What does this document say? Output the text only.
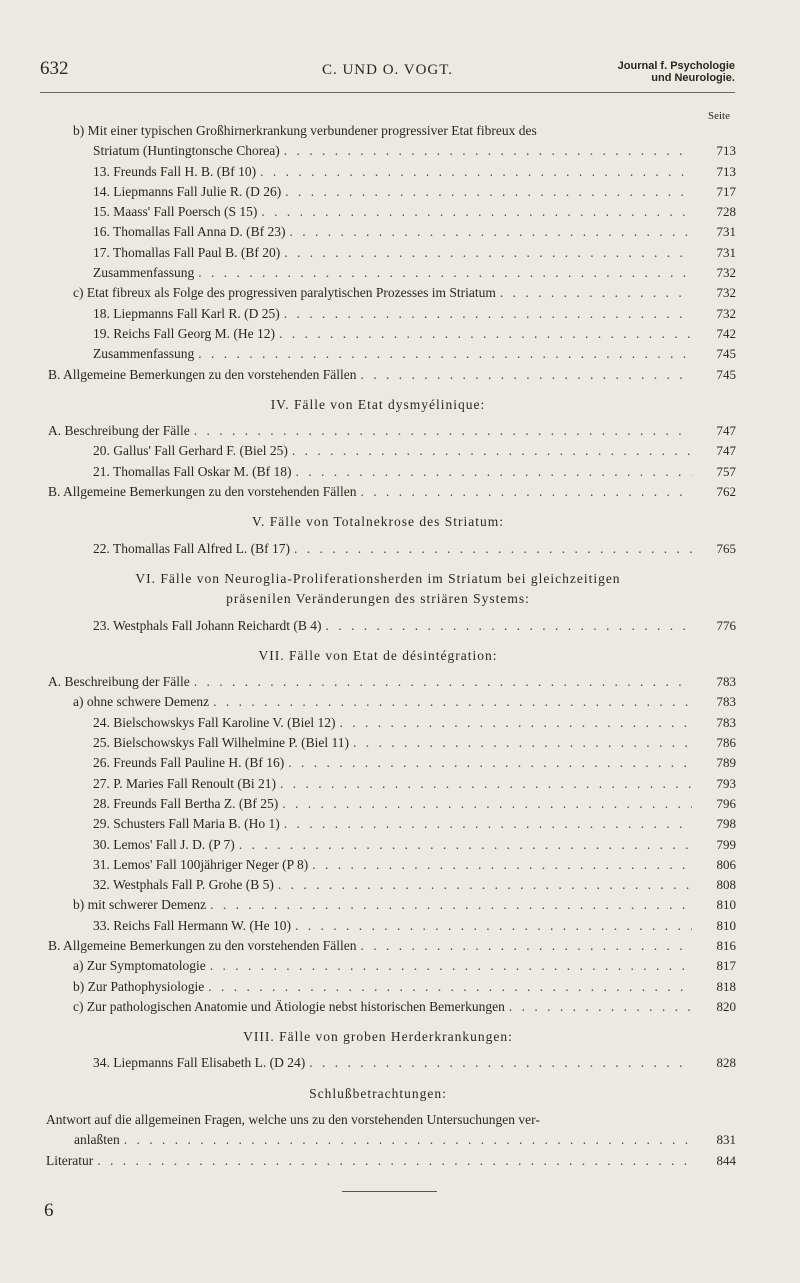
632	C. UND O. VOGT.	Journal f. Psychologie
und Neurologie.
Seite
b) Mit einer typischen Großhirnerkrankung verbundener progressiver Etat fibreux des
Striatum (Huntingtonsche Chorea) . . .	713
13. Freunds Fall H. B. (Bf 10) . . .	713
14. Liepmanns Fall Julie R. (D 26) . . .	717
15. Maass' Fall Poersch (S 15) . . .	728
16. Thomallas Fall Anna D. (Bf 23) . . .	731
17. Thomallas Fall Paul B. (Bf 20) . . .	731
Zusammenfassung . . .	732
c) Etat fibreux als Folge des progressiven paralytischen Prozesses im Striatum . . .	732
18. Liepmanns Fall Karl R. (D 25) . . .	732
19. Reichs Fall Georg M. (He 12) . . .	742
Zusammenfassung . . .	745
B. Allgemeine Bemerkungen zu den vorstehenden Fällen . . .	745
IV. Fälle von Etat dysmyélinique:
A. Beschreibung der Fälle . . .	747
20. Gallus' Fall Gerhard F. (Biel 25) . . .	747
21. Thomallas Fall Oskar M. (Bf 18) . . .	757
B. Allgemeine Bemerkungen zu den vorstehenden Fällen . . .	762
V. Fälle von Totalnekrose des Striatum:
22. Thomallas Fall Alfred L. (Bf 17) . . .	765
VI. Fälle von Neuroglia-Proliferationsherden im Striatum bei gleichzeitigen
präsenilen Veränderungen des striären Systems:
23. Westphals Fall Johann Reichardt (B 4) . . .	776
VII. Fälle von Etat de désintégration:
A. Beschreibung der Fälle . . .	783
a) ohne schwere Demenz . . .	783
24. Bielschowskys Fall Karoline V. (Biel 12) . . .	783
25. Bielschowskys Fall Wilhelmine P. (Biel 11) . . .	786
26. Freunds Fall Pauline H. (Bf 16) . . .	789
27. P. Maries Fall Renoult (Bi 21) . . .	793
28. Freunds Fall Bertha Z. (Bf 25) . . .	796
29. Schusters Fall Maria B. (Ho 1) . . .	798
30. Lemos' Fall J. D. (P 7) . . .	799
31. Lemos' Fall 100jähriger Neger (P 8) . . .	806
32. Westphals Fall P. Grohe (B 5) . . .	808
b) mit schwerer Demenz . . .	810
33. Reichs Fall Hermann W. (He 10) . . .	810
B. Allgemeine Bemerkungen zu den vorstehenden Fällen . . .	816
a) Zur Symptomatologie . . .	817
b) Zur Pathophysiologie . . .	818
c) Zur pathologischen Anatomie und Ätiologie nebst historischen Bemerkungen . . .	820
VIII. Fälle von groben Herderkrankungen:
34. Liepmanns Fall Elisabeth L. (D 24) . . .	828
Schlußbetrachtungen:
Antwort auf die allgemeinen Fragen, welche uns zu den vorstehenden Untersuchungen ver-
anlaßten . . .	831
Literatur . . .	844
6
